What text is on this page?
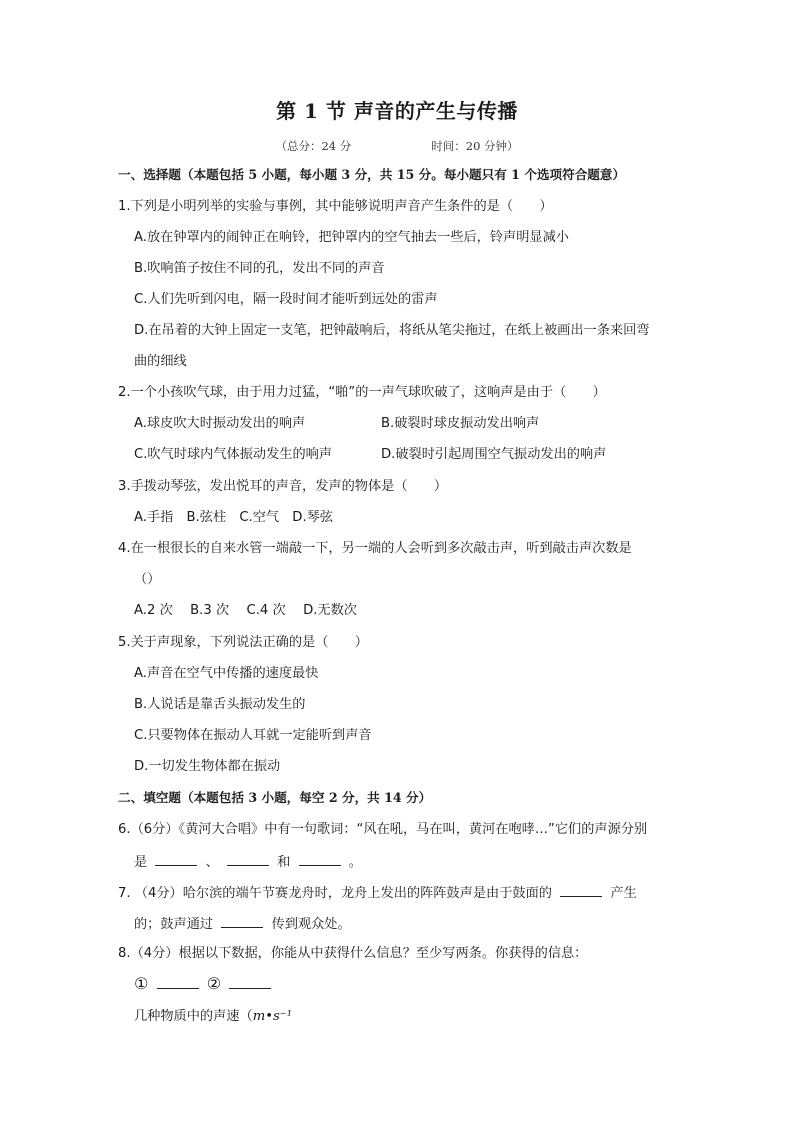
第 1 节 声音的产生与传播
（总分：24 分	时间：20 分钟）
一、选择题（本题包括 5 小题，每小题 3 分，共 15 分。每小题只有 1 个选项符合题意）
1.下列是小明列举的实验与事例，其中能够说明声音产生条件的是（　　）
A.放在钟罩内的闹钟正在响铃，把钟罩内的空气抽去一些后，铃声明显减小
B.吹响笛子按住不同的孔，发出不同的声音
C.人们先听到闪电，隔一段时间才能听到远处的雷声
D.在吊着的大钟上固定一支笔，把钟敲响后，将纸从笔尖拖过，在纸上被画出一条来回弯
曲的细线
2.一个小孩吹气球，由于用力过猛，“啪”的一声气球吹破了，这响声是由于（　　）
A.球皮吹大时振动发出的响声	B.破裂时球皮振动发出响声
C.吹气时球内气体振动发生的响声	D.破裂时引起周围空气振动发出的响声
3.手拨动琴弦，发出悦耳的声音，发声的物体是（　　）
A.手指　B.弦柱　C.空气　D.琴弦
4.在一根很长的自来水管一端敲一下，另一端的人会听到多次敲击声，听到敲击声次数是
（）
A.2 次　 B.3 次　 C.4 次　 D.无数次
5.关于声现象，下列说法正确的是（　　）
A.声音在空气中传播的速度最快
B.人说话是靠舌头振动发生的
C.只要物体在振动人耳就一定能听到声音
D.一切发生物体都在振动
二、填空题（本题包括 3 小题，每空 2 分，共 14 分）
6.（6分）《黄河大合唱》中有一句歌词：“风在吼，马在叫，黄河在咆哮…”它们的声源分别
是	、	和	。
7. （4分）哈尔滨的端午节赛龙舟时，龙舟上发出的阵阵鼓声是由于鼓面的	产生
的；鼓声通过	传到观众处。
8.（4分）根据以下数据，你能从中获得什么信息？至少写两条。你获得的信息：
①	②
几种物质中的声速（m•s⁻¹
